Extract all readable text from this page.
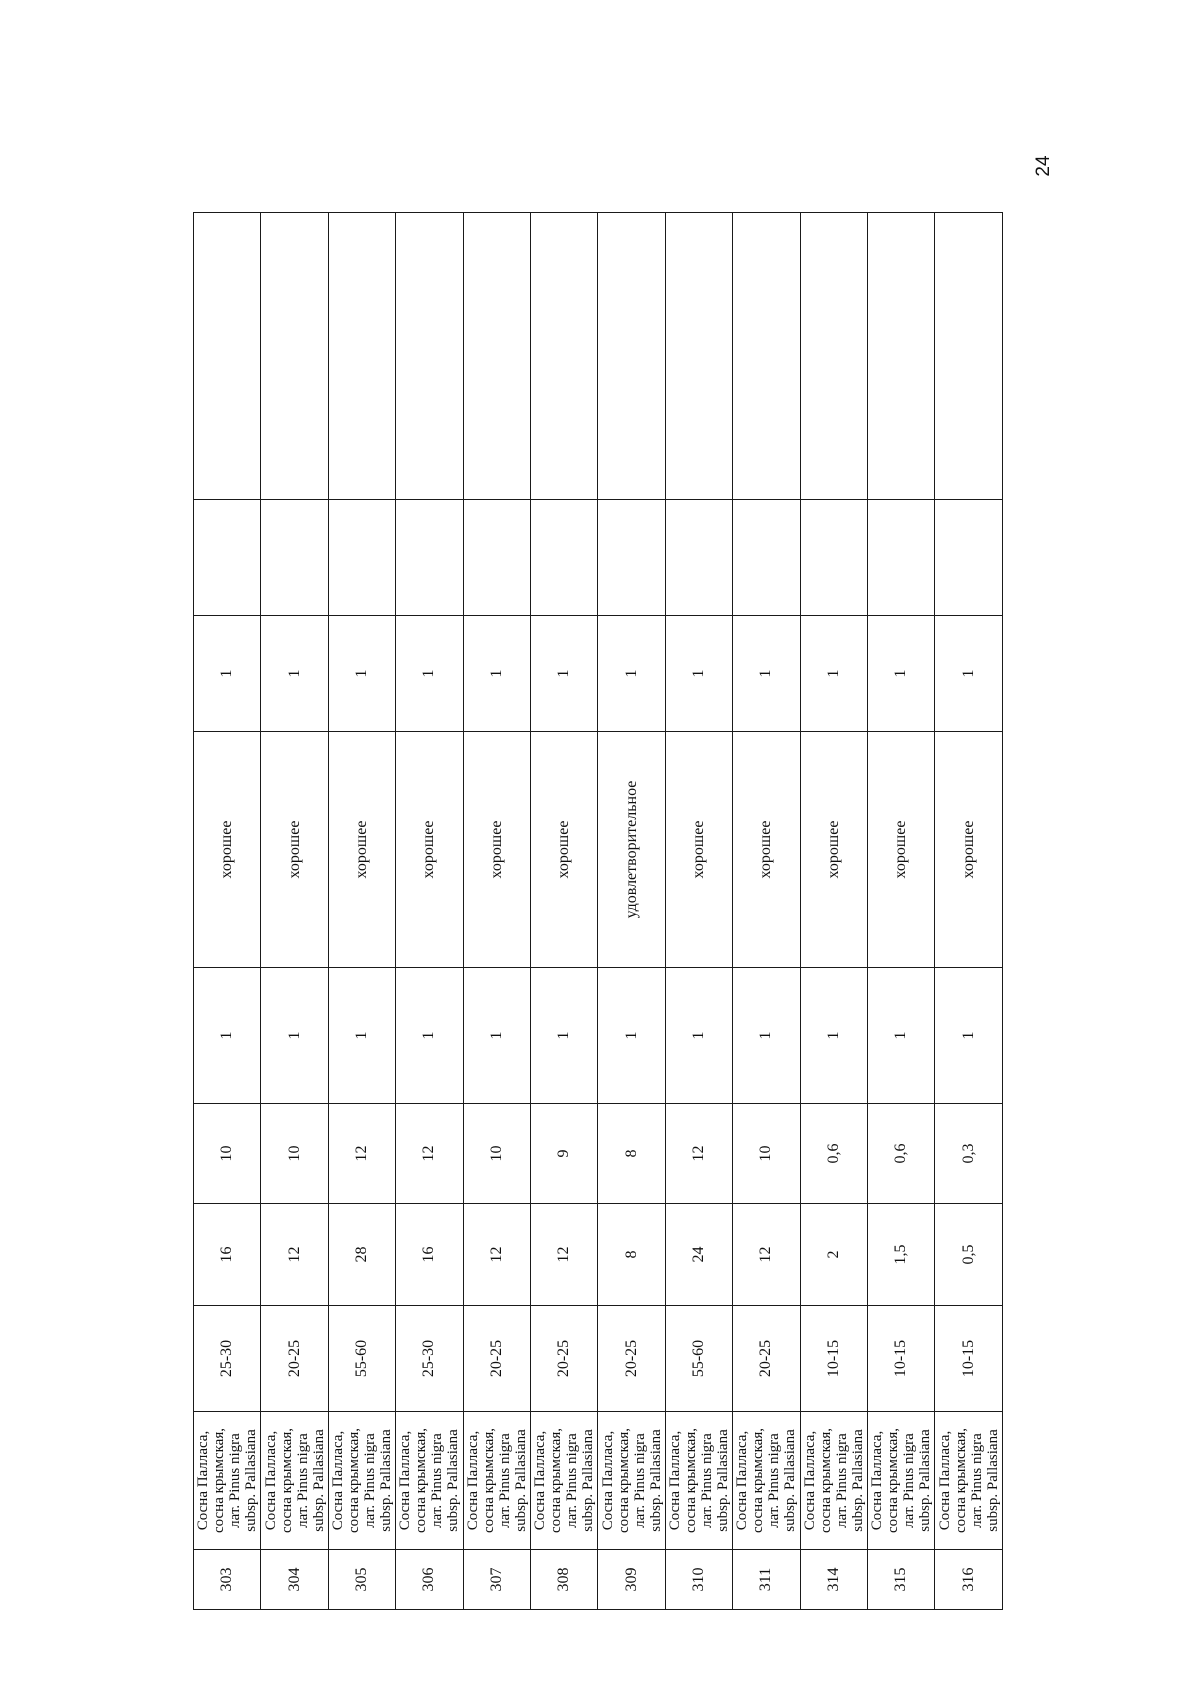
24
303	Сосна Палласа, сосна крымская, лат. Pinus nigra subsp. Pallasiana	25-30	16	10	1	хорошее	1		
304	Сосна Палласа, сосна крымская, лат. Pinus nigra subsp. Pallasiana	20-25	12	10	1	хорошее	1		
305	Сосна Палласа, сосна крымская, лат. Pinus nigra subsp. Pallasiana	55-60	28	12	1	хорошее	1		
306	Сосна Палласа, сосна крымская, лат. Pinus nigra subsp. Pallasiana	25-30	16	12	1	хорошее	1		
307	Сосна Палласа, сосна крымская, лат. Pinus nigra subsp. Pallasiana	20-25	12	10	1	хорошее	1		
308	Сосна Палласа, сосна крымская, лат. Pinus nigra subsp. Pallasiana	20-25	12	9	1	хорошее	1		
309	Сосна Палласа, сосна крымская, лат. Pinus nigra subsp. Pallasiana	20-25	8	8	1	удовлетворительное	1		
310	Сосна Палласа, сосна крымская, лат. Pinus nigra subsp. Pallasiana	55-60	24	12	1	хорошее	1		
311	Сосна Палласа, сосна крымская, лат. Pinus nigra subsp. Pallasiana	20-25	12	10	1	хорошее	1		
314	Сосна Палласа, сосна крымская, лат. Pinus nigra subsp. Pallasiana	10-15	2	0,6	1	хорошее	1		
315	Сосна Палласа, сосна крымская, лат. Pinus nigra subsp. Pallasiana	10-15	1,5	0,6	1	хорошее	1		
316	Сосна Палласа, сосна крымская, лат. Pinus nigra subsp. Pallasiana	10-15	0,5	0,3	1	хорошее	1		
